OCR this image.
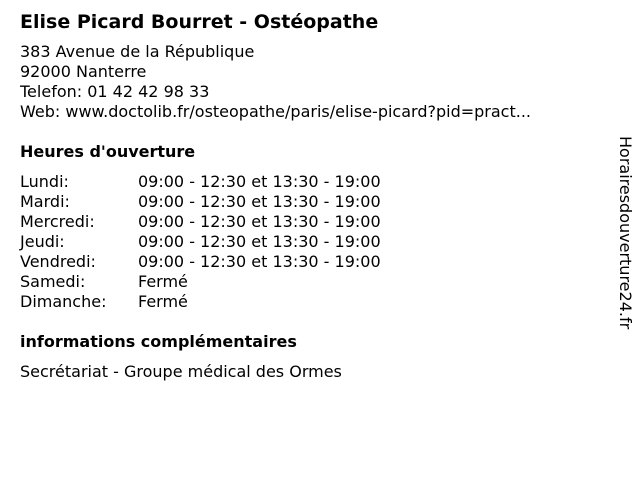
Elise Picard Bourret - Ostéopathe
383 Avenue de la République
92000 Nanterre
Telefon: 01 42 42 98 33
Web: www.doctolib.fr/osteopathe/paris/elise-picard?pid=pract...
Heures d'ouverture
Lundi:	09:00 - 12:30 et 13:30 - 19:00
Mardi:	09:00 - 12:30 et 13:30 - 19:00
Mercredi:	09:00 - 12:30 et 13:30 - 19:00
Jeudi:	09:00 - 12:30 et 13:30 - 19:00
Vendredi:	09:00 - 12:30 et 13:30 - 19:00
Samedi:	Fermé
Dimanche:	Fermé
informations complémentaires
Secrétariat - Groupe médical des Ormes
Horairesdouverture24.fr
